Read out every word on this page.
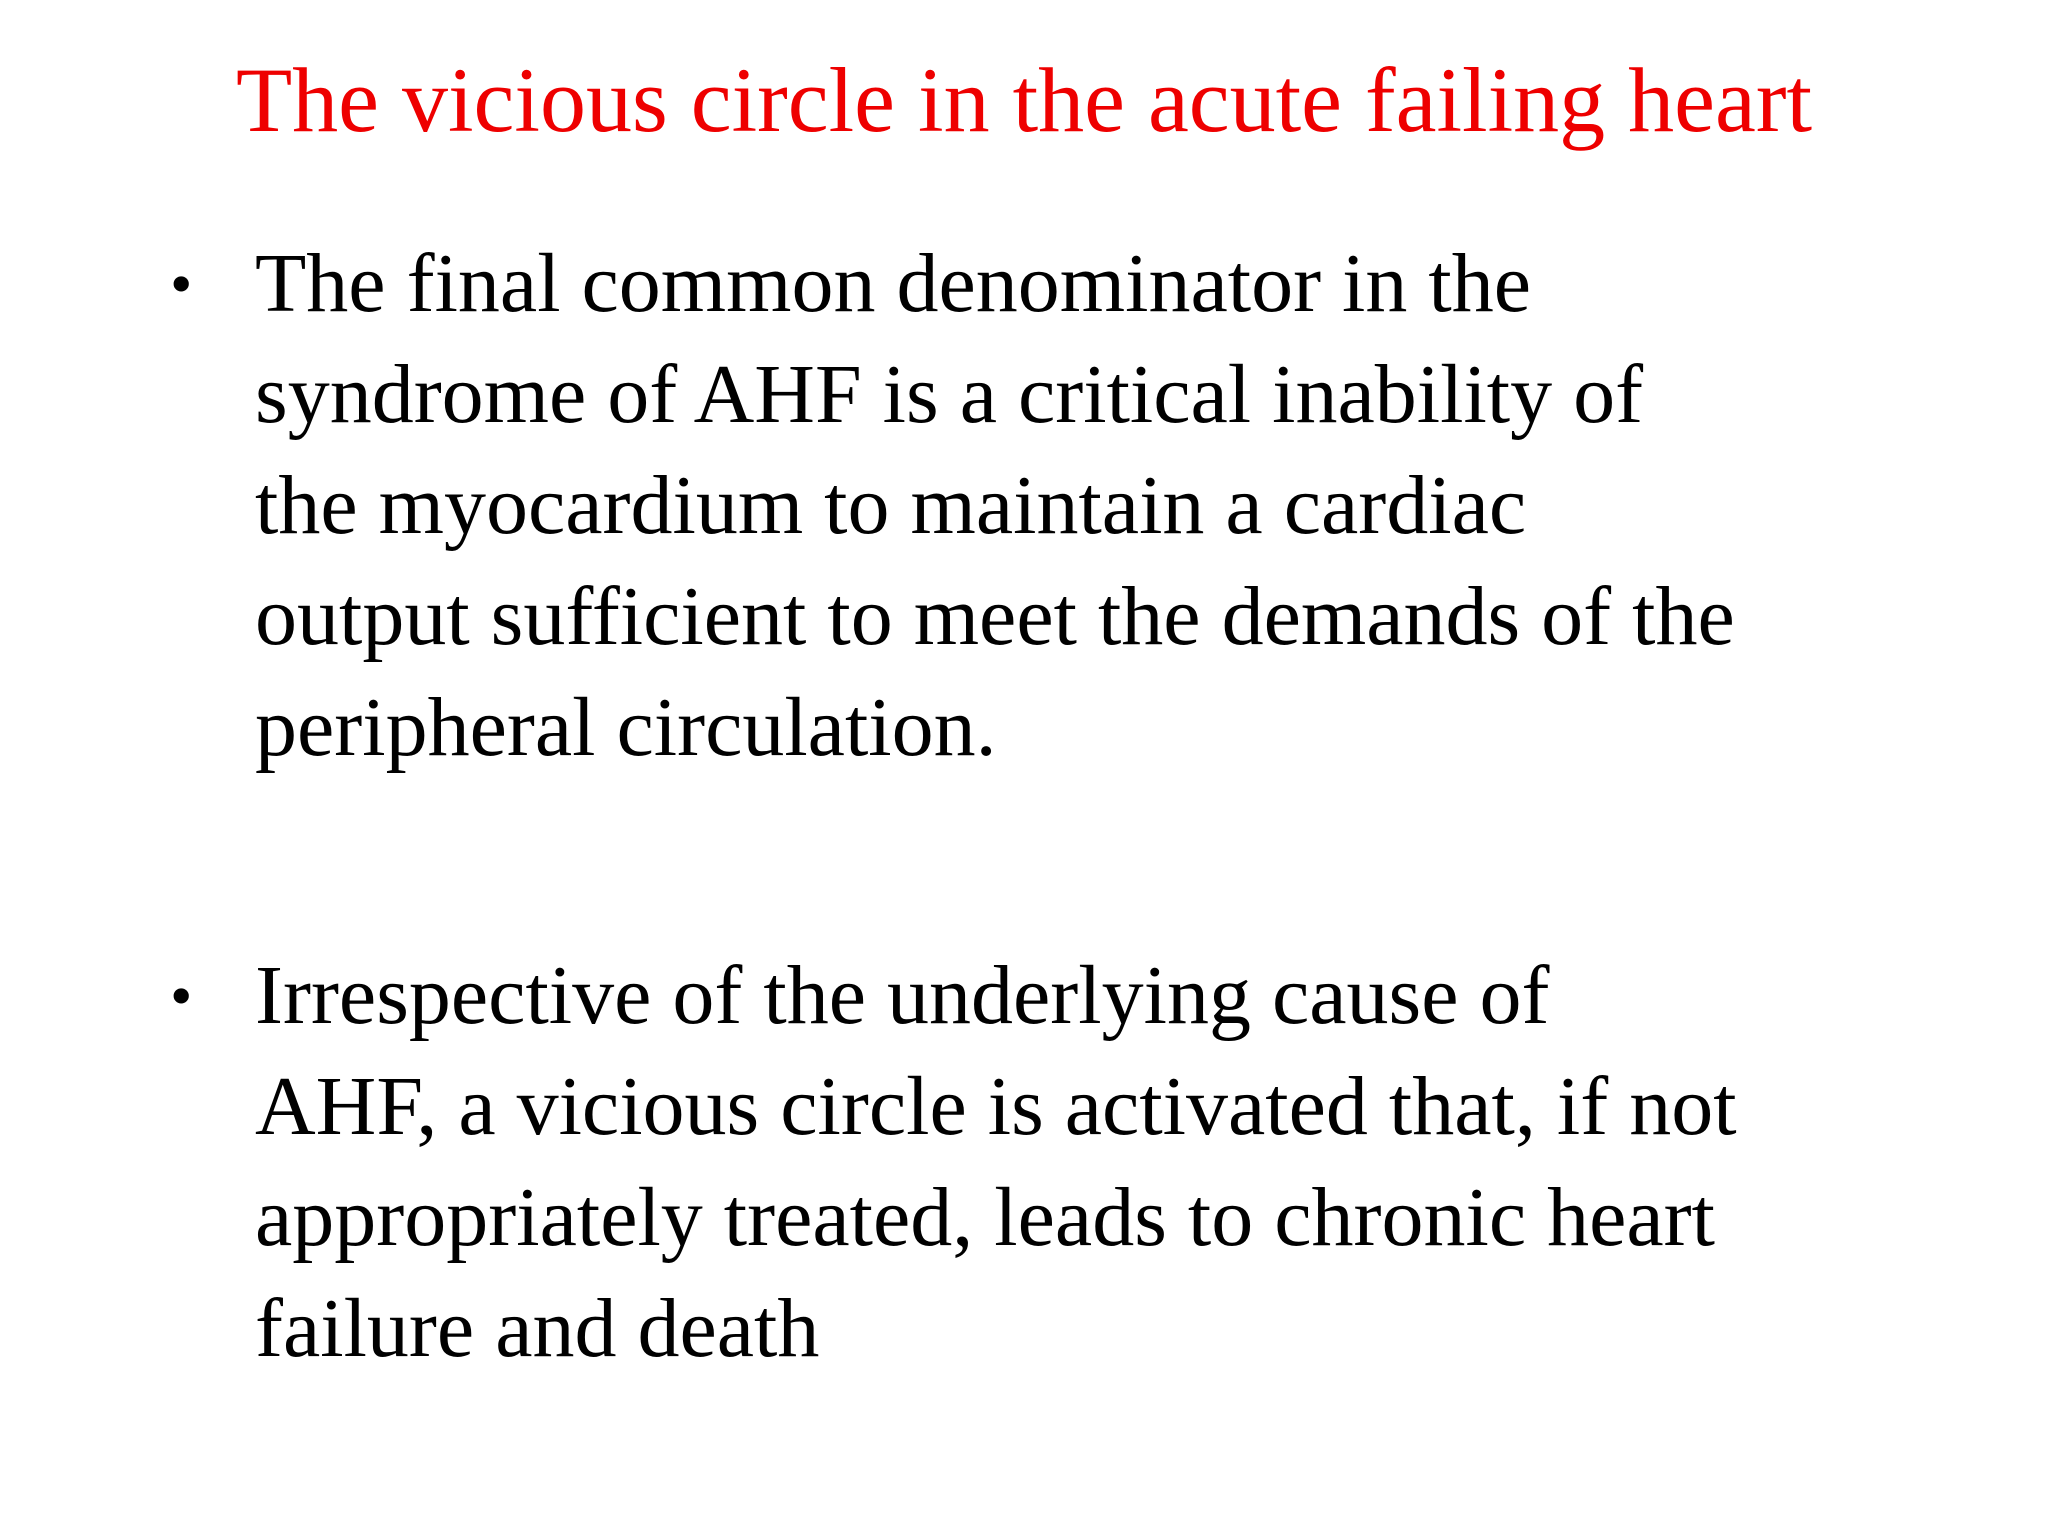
The vicious circle in the acute failing heart
• The final common denominator in the
syndrome of AHF is a critical inability of
the myocardium to maintain a cardiac
output sufficient to meet the demands of the
peripheral circulation.
• Irrespective of the underlying cause of
AHF, a vicious circle is activated that, if not
appropriately treated, leads to chronic heart
failure and death
